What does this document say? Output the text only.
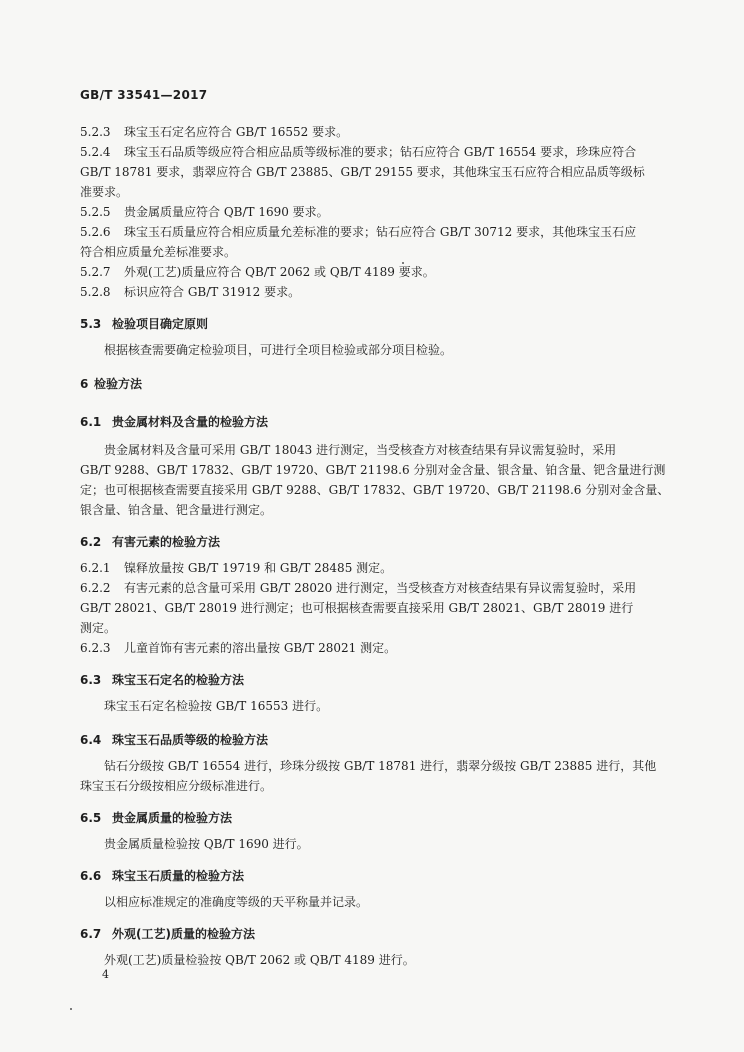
GB/T 33541—2017
5.2.3 珠宝玉石定名应符合 GB/T 16552 要求。
5.2.4 珠宝玉石品质等级应符合相应品质等级标准的要求；钻石应符合 GB/T 16554 要求，珍珠应符合
GB/T 18781 要求，翡翠应符合 GB/T 23885、GB/T 29155 要求，其他珠宝玉石应符合相应品质等级标
准要求。
5.2.5 贵金属质量应符合 QB/T 1690 要求。
5.2.6 珠宝玉石质量应符合相应质量允差标准的要求；钻石应符合 GB/T 30712 要求，其他珠宝玉石应
符合相应质量允差标准要求。
5.2.7 外观(工艺)质量应符合 QB/T 2062 或 QB/T 4189 要求。
5.2.8 标识应符合 GB/T 31912 要求。
5.3 检验项目确定原则
根据核查需要确定检验项目，可进行全项目检验或部分项目检验。
6 检验方法
6.1 贵金属材料及含量的检验方法
贵金属材料及含量可采用 GB/T 18043 进行测定，当受核查方对核查结果有异议需复验时，采用
GB/T 9288、GB/T 17832、GB/T 19720、GB/T 21198.6 分别对金含量、银含量、铂含量、钯含量进行测
定；也可根据核查需要直接采用 GB/T 9288、GB/T 17832、GB/T 19720、GB/T 21198.6 分别对金含量、
银含量、铂含量、钯含量进行测定。
6.2 有害元素的检验方法
6.2.1 镍释放量按 GB/T 19719 和 GB/T 28485 测定。
6.2.2 有害元素的总含量可采用 GB/T 28020 进行测定，当受核查方对核查结果有异议需复验时，采用
GB/T 28021、GB/T 28019 进行测定；也可根据核查需要直接采用 GB/T 28021、GB/T 28019 进行
测定。
6.2.3 儿童首饰有害元素的溶出量按 GB/T 28021 测定。
6.3 珠宝玉石定名的检验方法
珠宝玉石定名检验按 GB/T 16553 进行。
6.4 珠宝玉石品质等级的检验方法
钻石分级按 GB/T 16554 进行，珍珠分级按 GB/T 18781 进行，翡翠分级按 GB/T 23885 进行，其他
珠宝玉石分级按相应分级标准进行。
6.5 贵金属质量的检验方法
贵金属质量检验按 QB/T 1690 进行。
6.6 珠宝玉石质量的检验方法
以相应标准规定的准确度等级的天平称量并记录。
6.7 外观(工艺)质量的检验方法
外观(工艺)质量检验按 QB/T 2062 或 QB/T 4189 进行。
4
